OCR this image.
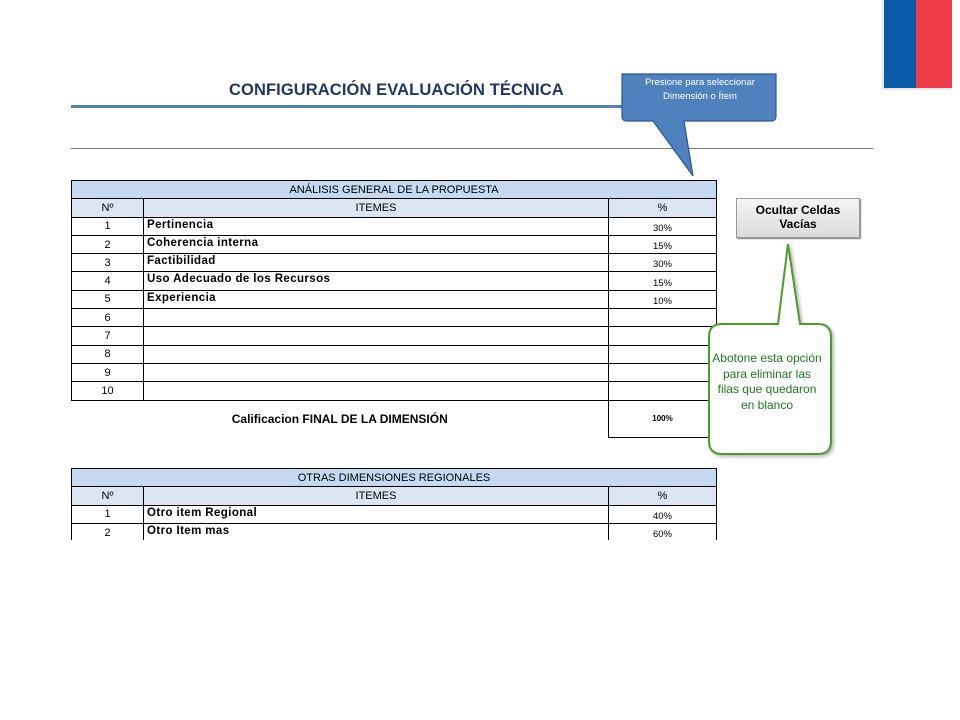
CONFIGURACIÓN EVALUACIÓN TÉCNICA	Presione para seleccionar Dimensión o Ítem
ANÁLISIS GENERAL DE LA PROPUESTA		
Nº	ITEMES	%
1	Pertinencia	30%
2	Coherencia interna	15%
3	Factibilidad	30%
4	Uso Adecuado de los Recursos	15%
5	Experiencia	10%
6		
7		
8		
9		
10		
Calificacion FINAL DE LA DIMENSIÓN		100%
OTRAS DIMENSIONES REGIONALES		
Nº	ITEMES	%
1	Otro item Regional	40%
2	Otro Item mas	60%
Ocultar Celdas Vacías
Abotone esta opción para eliminar las filas que quedaron en blanco
